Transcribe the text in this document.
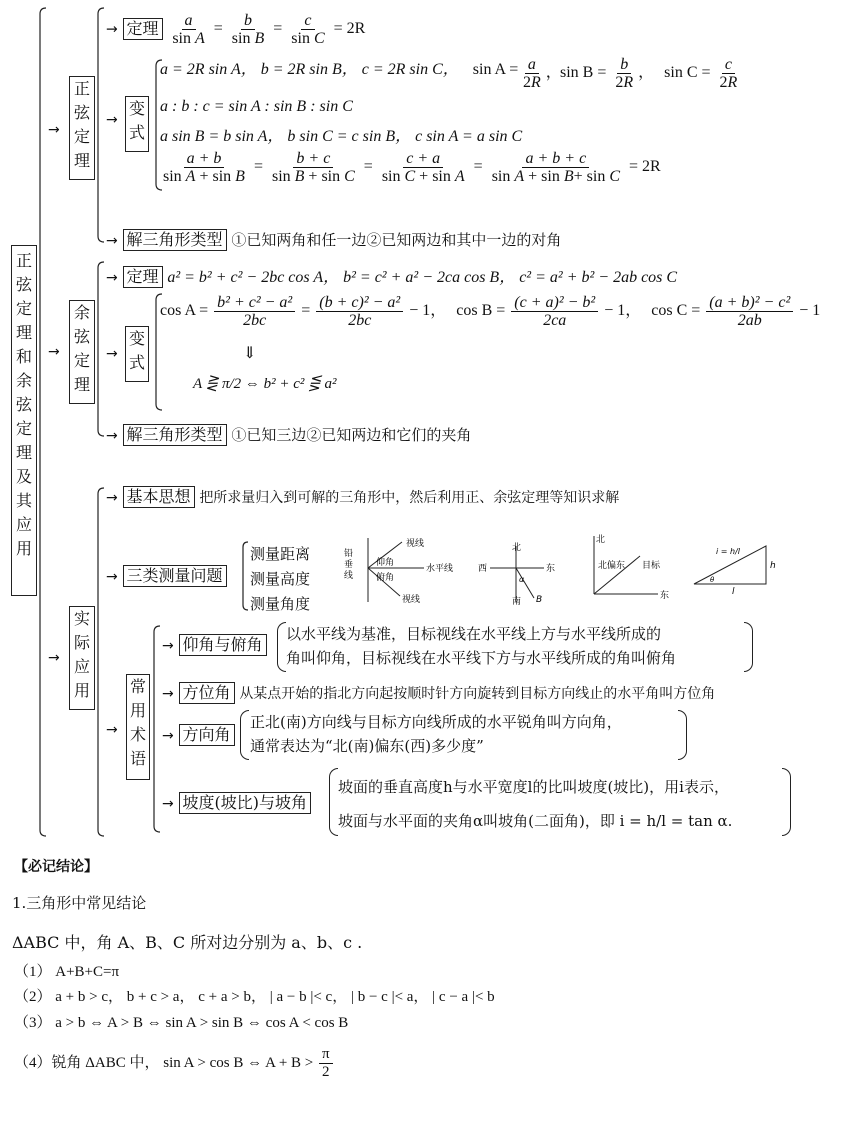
正
弦
定
理
和
余
弦
定
理
及
其
应
用
→
正
弦
定
理
→ 定理 $\frac{a}{\text{sin A}} = \frac{b}{\text{sin B}} = \frac{c}{\text{sin C}} = 2R$
→
变
式
a = 2R sin A， b = 2R sin B， c = 2R sin C， $\sin A = \frac{a}{2R}$ ，
$\sin B = \frac{b}{2R}$ ， $\sin C = \frac{c}{2R}$
a : b : c = sin A : sin B : sin C
a sin B = b sin A， b sin C = c sin B， c sin A = a sin C
$\frac{a + b}{\text{sin A + sin B}} = \frac{b + c}{\text{sin B + sin C}} = \frac{c + a}{\text{sin C + sin A}} = \frac{a + b + c}{\text{sin A + sin B+ sin C}} = 2R$
→ 解三角形类型 ①已知两角和任一边②已知两边和其中一边的对角
→
余
弦
定
理
→ 定理 a² = b² + c² − 2bc cos A， b² = c² + a² − 2ca cos B， c² = a² + b² − 2ab cos C
→
变
式
$\cos A = \frac{\text{b² + c² − a²}}{2bc} = \frac{\text{(b + c)² − a²}}{2bc} - 1$， $\cos B = \frac{\text{(c + a)² − b²}}{2ca} - 1$， $\cos C = \frac{\text{(a + b)² − c²}}{2ab} - 1$
⇓
A ⋛ π/2 ⇔ b² + c² ⋚ a²
→ 解三角形类型 ①已知三边②已知两边和它们的夹角
→
实
际
应
用
→ 基本思想 把所求量归入到可解的三角形中，然后利用正、余弦定理等知识求解
→ 三类测量问题
测量距离
测量高度
测量角度
铅
垂
线
视线
仰角
水平线
俯角
视线
北
西	东
南
α
B
北
北偏东 目标
东
i = h/l
h
l
θ
→
常
用
术
语
→ 仰角与俯角
以水平线为基准，目标视线在水平线上方与水平线所成的
角叫仰角，目标视线在水平线下方与水平线所成的角叫俯角
→ 方位角 从某点开始的指北方向起按顺时针方向旋转到目标方向线止的水平角叫方位角
→ 方向角
正北(南)方向线与目标方向线所成的水平锐角叫方向角，
通常表达为“北(南)偏东(西)多少度”
→ 坡度(坡比)与坡角
坡面的垂直高度h与水平宽度l的比叫坡度(坡比)，用i表示，
坡面与水平面的夹角α叫坡角(二面角)，即 i = h/l = tan α.
【必记结论】
1.三角形中常见结论
ΔABC 中，角 A、B、C 所对边分别为 a、b、c .
（1） A+B+C=π
（2） a + b > c， b + c > a， c + a > b， | a − b |< c， | b − c |< a， | c − a |< b
（3） a > b ⇔ A > B ⇔ sin A > sin B ⇔ cos A < cos B
（4）锐角 ΔABC 中， sin A > cos B ⇔ $A + B > \frac{\pi}{2}$
